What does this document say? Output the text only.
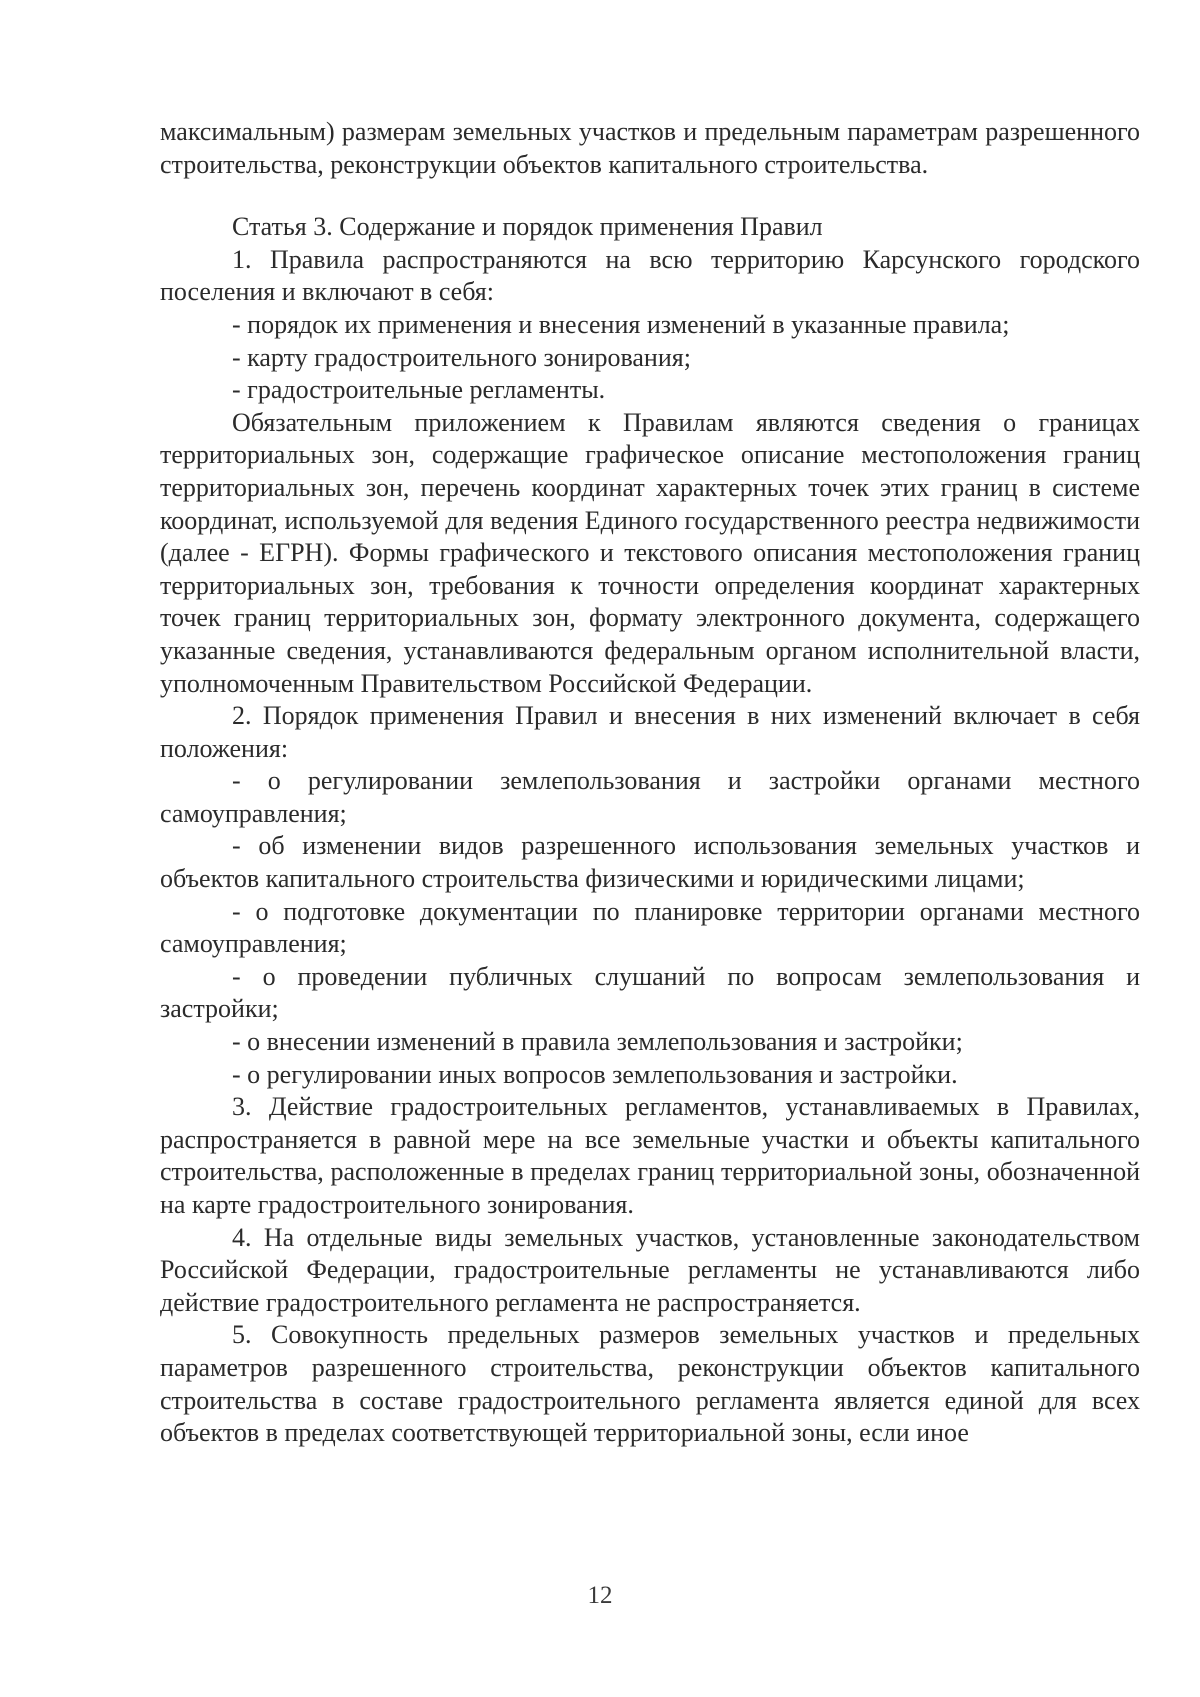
максимальным) размерам земельных участков и предельным параметрам разрешенного строительства, реконструкции объектов капитального строительства.

Статья 3. Содержание и порядок применения Правил

1. Правила распространяются на всю территорию Карсунского городского поселения и включают в себя:

- порядок их применения и внесения изменений в указанные правила;

- карту градостроительного зонирования;

- градостроительные регламенты.

Обязательным приложением к Правилам являются сведения о границах территориальных зон, содержащие графическое описание местоположения границ территориальных зон, перечень координат характерных точек этих границ в системе координат, используемой для ведения Единого государственного реестра недвижимости (далее - ЕГРН). Формы графического и текстового описания местоположения границ территориальных зон, требования к точности определения координат характерных точек границ территориальных зон, формату электронного документа, содержащего указанные сведения, устанавливаются федеральным органом исполнительной власти, уполномоченным Правительством Российской Федерации.

2. Порядок применения Правил и внесения в них изменений включает в себя положения:

- о регулировании землепользования и застройки органами местного самоуправления;

- об изменении видов разрешенного использования земельных участков и объектов капитального строительства физическими и юридическими лицами;

- о подготовке документации по планировке территории органами местного самоуправления;

- о проведении публичных слушаний по вопросам землепользования и застройки;

- о внесении изменений в правила землепользования и застройки;

- о регулировании иных вопросов землепользования и застройки.

3. Действие градостроительных регламентов, устанавливаемых в Правилах, распространяется в равной мере на все земельные участки и объекты капитального строительства, расположенные в пределах границ территориальной зоны, обозначенной на карте градостроительного зонирования.

4. На отдельные виды земельных участков, установленные законодательством Российской Федерации, градостроительные регламенты не устанавливаются либо действие градостроительного регламента не распространяется.

5. Совокупность предельных размеров земельных участков и предельных параметров разрешенного строительства, реконструкции объектов капитального строительства в составе градостроительного регламента является единой для всех объектов в пределах соответствующей территориальной зоны, если иное

12
